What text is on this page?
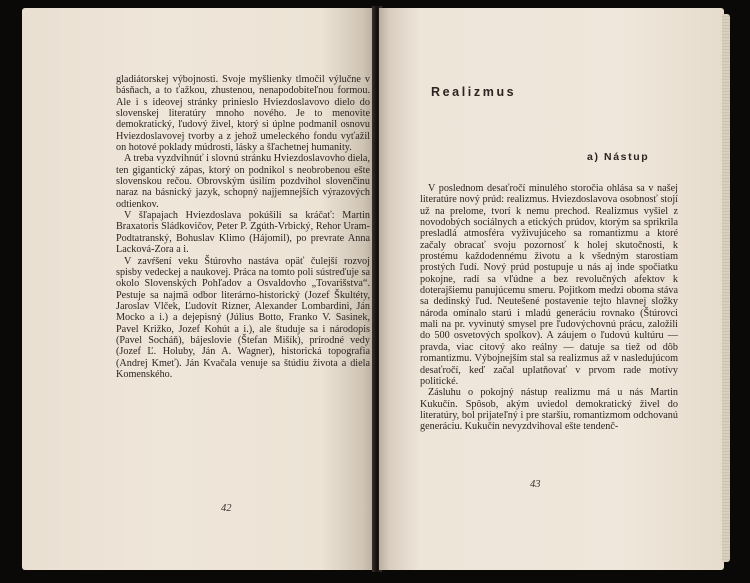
gladiátorskej výbojnosti. Svoje myšlienky tlmočil výlučne v básňach, a to ťažkou, zhustenou, nenapodobiteľnou formou. Ale i s ideovej stránky prinieslo Hviezdoslavovo dielo do slovenskej literatúry mnoho nového. Je to menovite demokratický, ľudový živel, ktorý si úplne podmanil osnovu Hviezdoslavovej tvorby a z jehož umeleckého fondu vyťažil on hotové poklady múdrosti, lásky a šľachetnej humanity.

A treba vyzdvihnúť i slovnú stránku Hviezdoslavovho diela, ten gigantický zápas, ktorý on podnikol s neobrobenou ešte slovenskou rečou. Obrovským úsilím pozdvihol slovenčinu naraz na básnický jazyk, schopný najjemnejších výrazových odtienkov.

V šľapajach Hviezdoslava pokúšili sa kráčať: Martin Braxatoris Sládkovičov, Peter P. Zgúth-Vrbický, Rehor Uram-Podtatranský, Bohuslav Klimo (Hájomil), po prevrate Anna Lacková-Zora a i.

V zavŕšení veku Štúrovho nastáva opäť čulejší rozvoj spisby vedeckej a naukovej. Práca na tomto poli sústreďuje sa okolo Slovenských Pohľadov a Osvaldovho „Tovarišstva“. Pestuje sa najmä odbor literárno-historický (Jozef Škultéty, Jaroslav Vlček, Ľudovít Rizner, Alexander Lombardini, Ján Mocko a i.) a dejepisný (Július Botto, Franko V. Sasinek, Pavel Križko, Jozef Kohút a i.), ale študuje sa i národopis (Pavel Socháň), bájeslovie (Štefan Mišík), prírodné vedy (Jozef Ľ. Holuby, Ján A. Wagner), historická topografia (Andrej Kmeť). Ján Kvačala venuje sa štúdiu života a diela Komenského.

42
Realizmus
a) Nástup

V poslednom desaťročí minulého storočia ohlása sa v našej literatúre nový prúd: realizmus. Hviezdoslavova osobnosť stojí už na prelome, tvorí k nemu prechod. Realizmus vyšiel z novodobých sociálnych a etických prúdov, ktorým sa sprikrila presladlá atmosféra vyživujúceho sa romantizmu a ktoré začaly obracať svoju pozornosť k holej skutočnosti, k prostému každodennému životu a k všedným starostiam prostých ľudí. Nový prúd postupuje u nás aj inde spočiatku pokojne, radí sa vľúdne a bez revolučných afektov k doterajšiemu panujúcemu smeru. Pojitkom medzi oboma stáva sa dedinský ľud. Neutešené postavenie tejto hlavnej složky národa omínalo starú i mladú generáciu rovnako (Štúrovci mali na pr. vyvinutý smysel pre ľudovýchovnú prácu, založili do 500 osvetových spolkov). A záujem o ľudovú kultúru — pravda, viac citový ako reálny — datuje sa tiež od dôb romantizmu. Výbojnejším stal sa realizmus až v nasledujúcom desaťročí, keď začal uplatňovať v prvom rade motívy politické.

Zásluhu o pokojný nástup realizmu má u nás Martin Kukučín. Spôsob, akým uviedol demokratický živel do literatúry, bol prijateľný i pre staršiu, romantizmom odchovanú generáciu. Kukučín nevyzdvihoval ešte tendenč-

43
